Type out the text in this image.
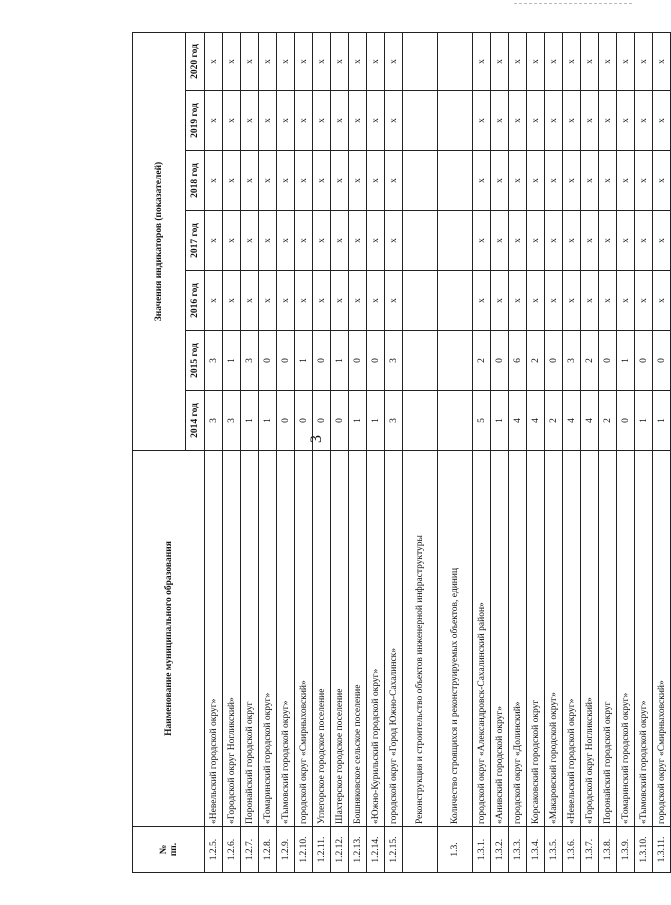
3
№
пп.	Наименование муниципального образования	Значения индикаторов (показателей)						
		2014 год	2015 год	2016 год	2017 год	2018 год	2019 год	2020 год
1.2.5.	«Невельский городской округ»	3	3	x	x	x	x	x
1.2.6.	«Городской округ Ногликский»	3	1	x	x	x	x	x
1.2.7.	Поронайский городской округ	1	3	x	x	x	x	x
1.2.8.	«Томаринский городской округ»	1	0	x	x	x	x	x
1.2.9.	«Тымовский городской округ»	0	0	x	x	x	x	x
1.2.10.	городской округ «Смирныховский»	0	1	x	x	x	x	x
1.2.11.	Углегорское городское поселение	0	0	x	x	x	x	x
1.2.12.	Шахтерское городское поселение	0	1	x	x	x	x	x
1.2.13.	Бошняковское сельское поселение	1	0	x	x	x	x	x
1.2.14.	«Южно-Курильский городской округ»	1	0	x	x	x	x	x
1.2.15.	городской округ «Город Южно-Сахалинск»	3	3	x	x	x	x	x
	Реконструкция и строительство объектов инженерной инфраструктуры							
1.3.	Количество строящихся и реконструируемых объектов, единиц							
1.3.1.	городской округ «Александровск-Сахалинский район»	5	2	x	x	x	x	x
1.3.2.	«Анивский городской округ»	1	0	x	x	x	x	x
1.3.3.	городской округ «Долинский»	4	6	x	x	x	x	x
1.3.4.	Корсаковский городской округ	4	2	x	x	x	x	x
1.3.5.	«Макаровский городской округ»	2	0	x	x	x	x	x
1.3.6.	«Невельский городской округ»	4	3	x	x	x	x	x
1.3.7.	«Городской округ Ногликский»	4	2	x	x	x	x	x
1.3.8.	Поронайский городской округ	2	0	x	x	x	x	x
1.3.9.	«Томаринский городской округ»	0	1	x	x	x	x	x
1.3.10.	«Тымовский городской округ»	1	0	x	x	x	x	x
1.3.11.	городской округ «Смирныховский»	1	0	x	x	x	x	x
